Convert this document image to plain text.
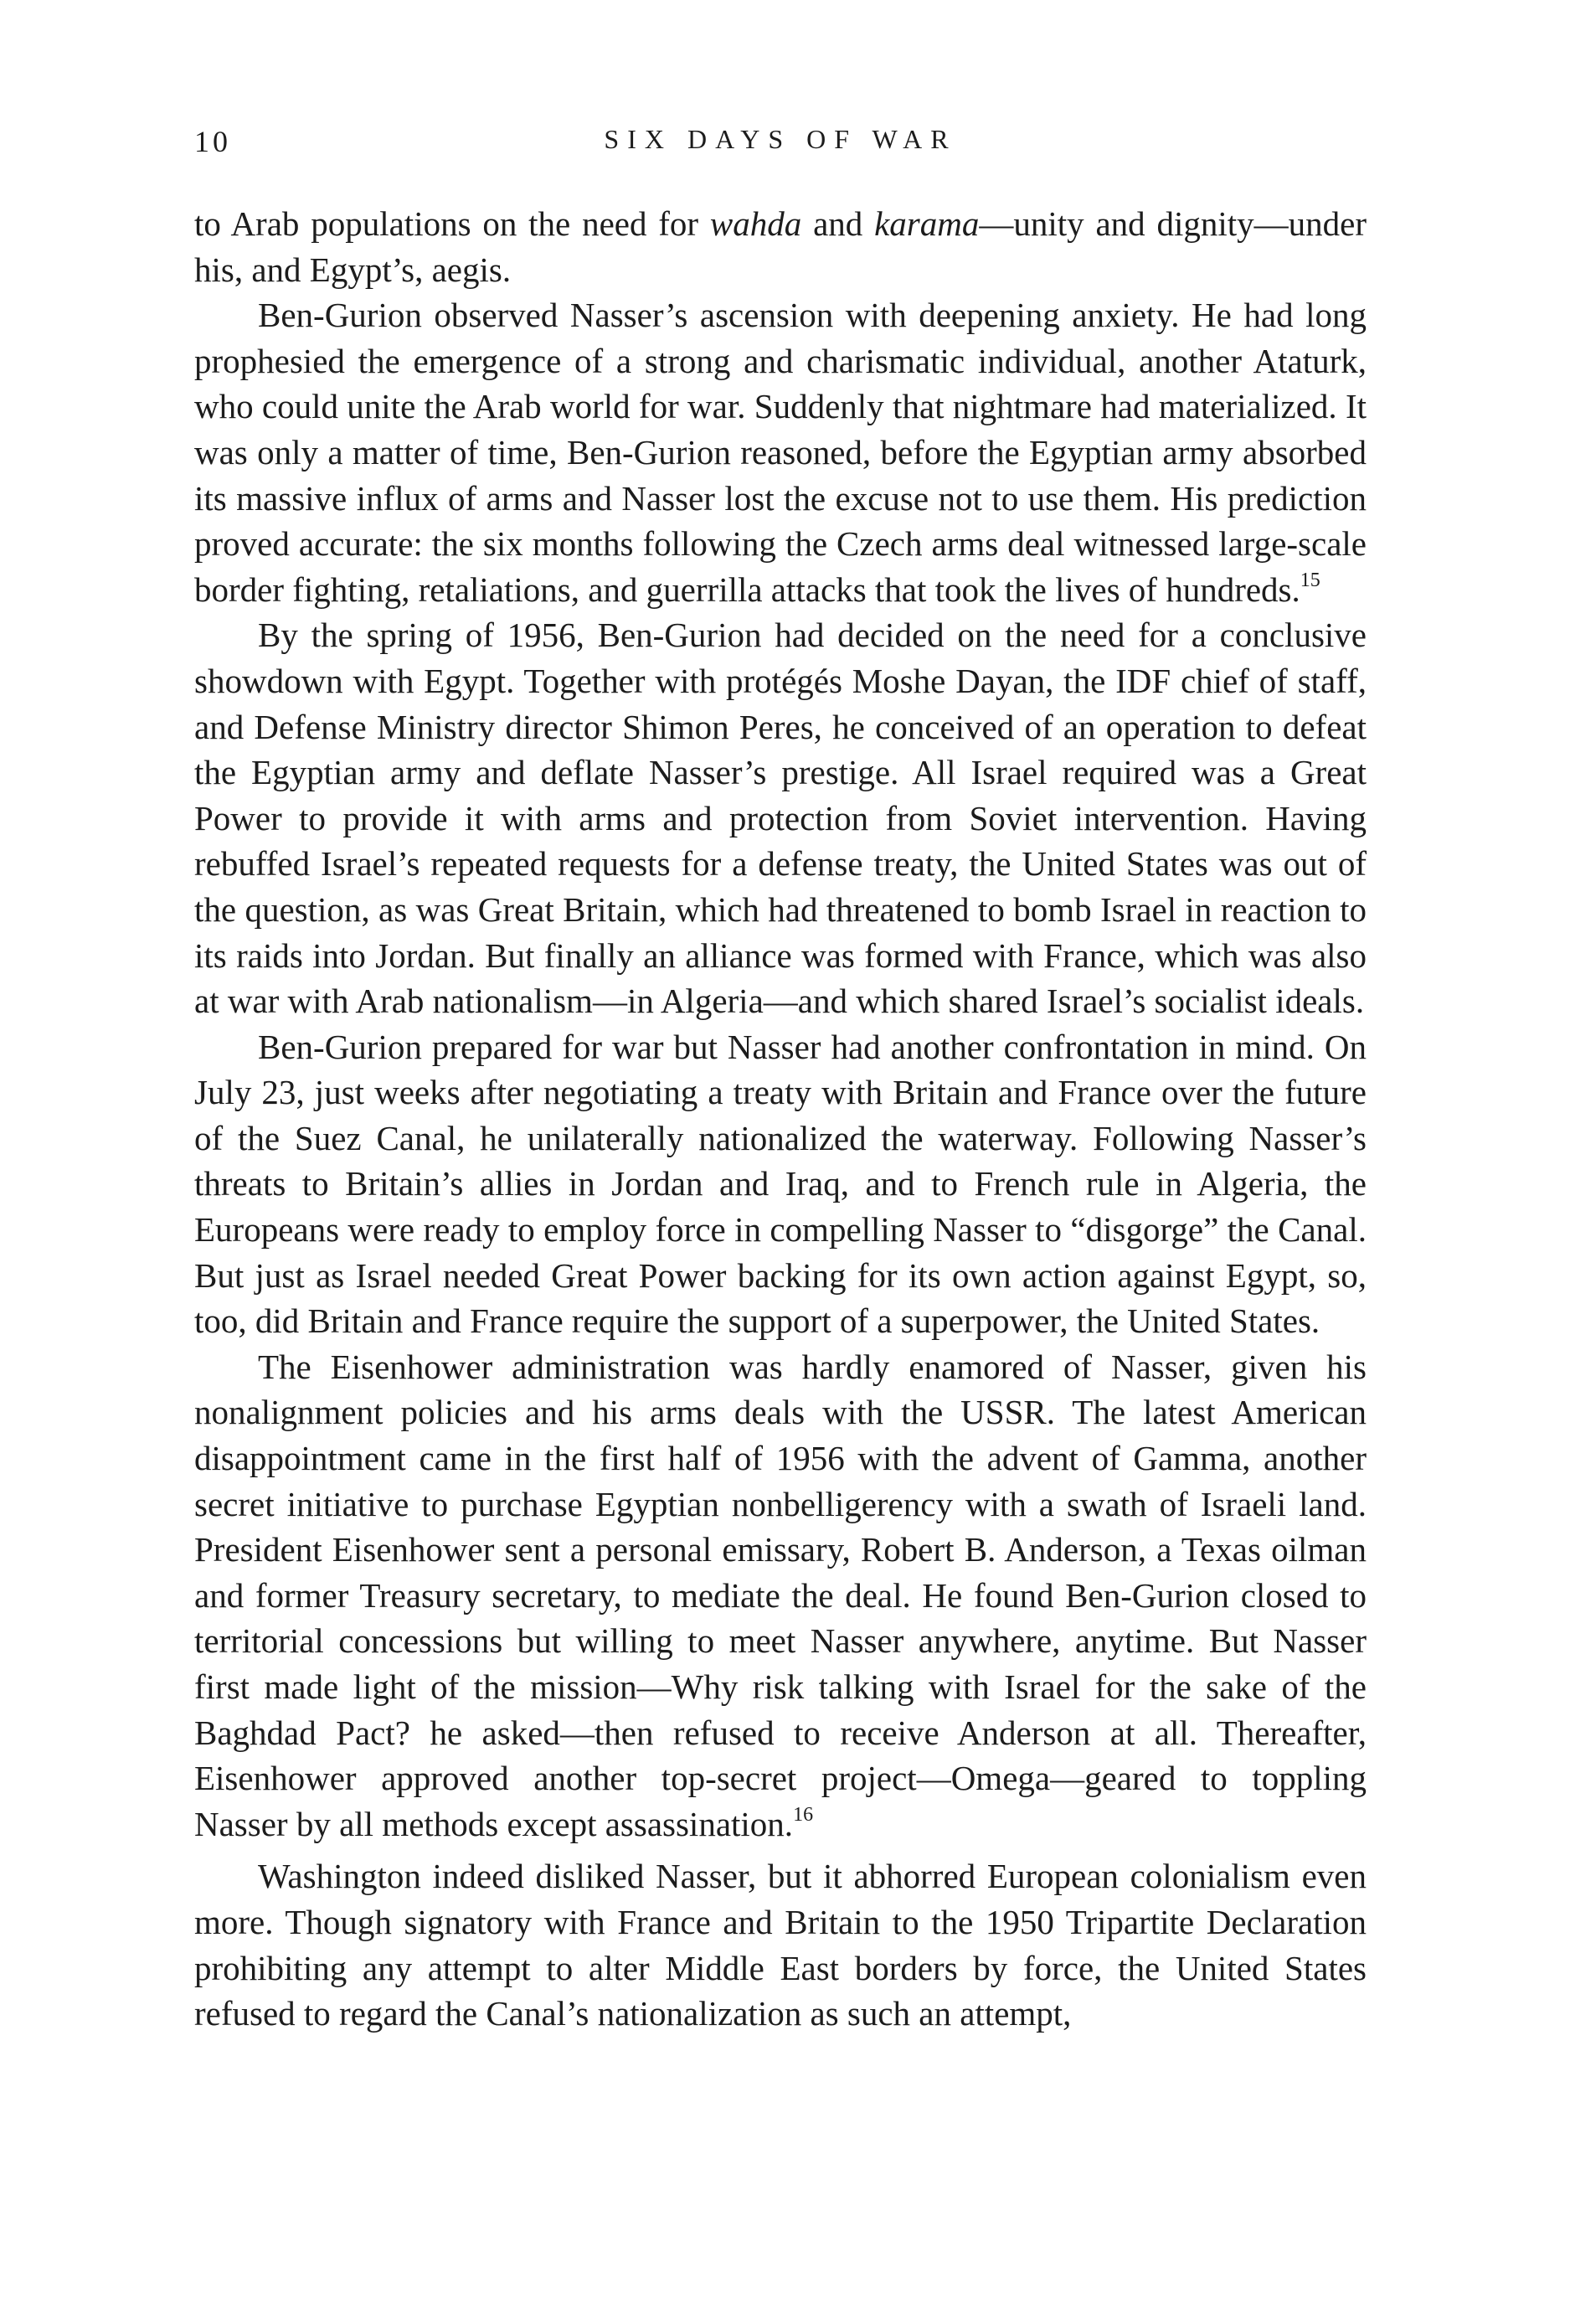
10	SIX DAYS OF WAR

to Arab populations on the need for wahda and karama—unity and dignity—under his, and Egypt’s, aegis.

Ben-Gurion observed Nasser’s ascension with deepening anxiety. He had long prophesied the emergence of a strong and charismatic individual, another Ataturk, who could unite the Arab world for war. Suddenly that nightmare had materialized. It was only a matter of time, Ben-Gurion reasoned, before the Egyptian army absorbed its massive influx of arms and Nasser lost the excuse not to use them. His prediction proved accurate: the six months following the Czech arms deal witnessed large-scale border fighting, retaliations, and guerrilla attacks that took the lives of hundreds.$^{15}$

By the spring of 1956, Ben-Gurion had decided on the need for a conclusive showdown with Egypt. Together with protégés Moshe Dayan, the IDF chief of staff, and Defense Ministry director Shimon Peres, he conceived of an operation to defeat the Egyptian army and deflate Nasser’s prestige. All Israel required was a Great Power to provide it with arms and protection from Soviet intervention. Having rebuffed Israel’s repeated requests for a defense treaty, the United States was out of the question, as was Great Britain, which had threatened to bomb Israel in reaction to its raids into Jordan. But finally an alliance was formed with France, which was also at war with Arab nationalism—in Algeria—and which shared Israel’s socialist ideals.

Ben-Gurion prepared for war but Nasser had another confrontation in mind. On July 23, just weeks after negotiating a treaty with Britain and France over the future of the Suez Canal, he unilaterally nationalized the waterway. Following Nasser’s threats to Britain’s allies in Jordan and Iraq, and to French rule in Algeria, the Europeans were ready to employ force in compelling Nasser to “disgorge” the Canal. But just as Israel needed Great Power backing for its own action against Egypt, so, too, did Britain and France require the support of a superpower, the United States.

The Eisenhower administration was hardly enamored of Nasser, given his nonalignment policies and his arms deals with the USSR. The latest American disappointment came in the first half of 1956 with the advent of Gamma, another secret initiative to purchase Egyptian nonbelligerency with a swath of Israeli land. President Eisenhower sent a personal emissary, Robert B. Anderson, a Texas oilman and former Treasury secretary, to mediate the deal. He found Ben-Gurion closed to territorial concessions but willing to meet Nasser anywhere, anytime. But Nasser first made light of the mission—Why risk talking with Israel for the sake of the Baghdad Pact? he asked—then refused to receive Anderson at all. Thereafter, Eisenhower approved another top-secret project—Omega—geared to toppling Nasser by all methods except assassination.$^{16}$

Washington indeed disliked Nasser, but it abhorred European colonialism even more. Though signatory with France and Britain to the 1950 Tripartite Declaration prohibiting any attempt to alter Middle East borders by force, the United States refused to regard the Canal’s nationalization as such an attempt,
